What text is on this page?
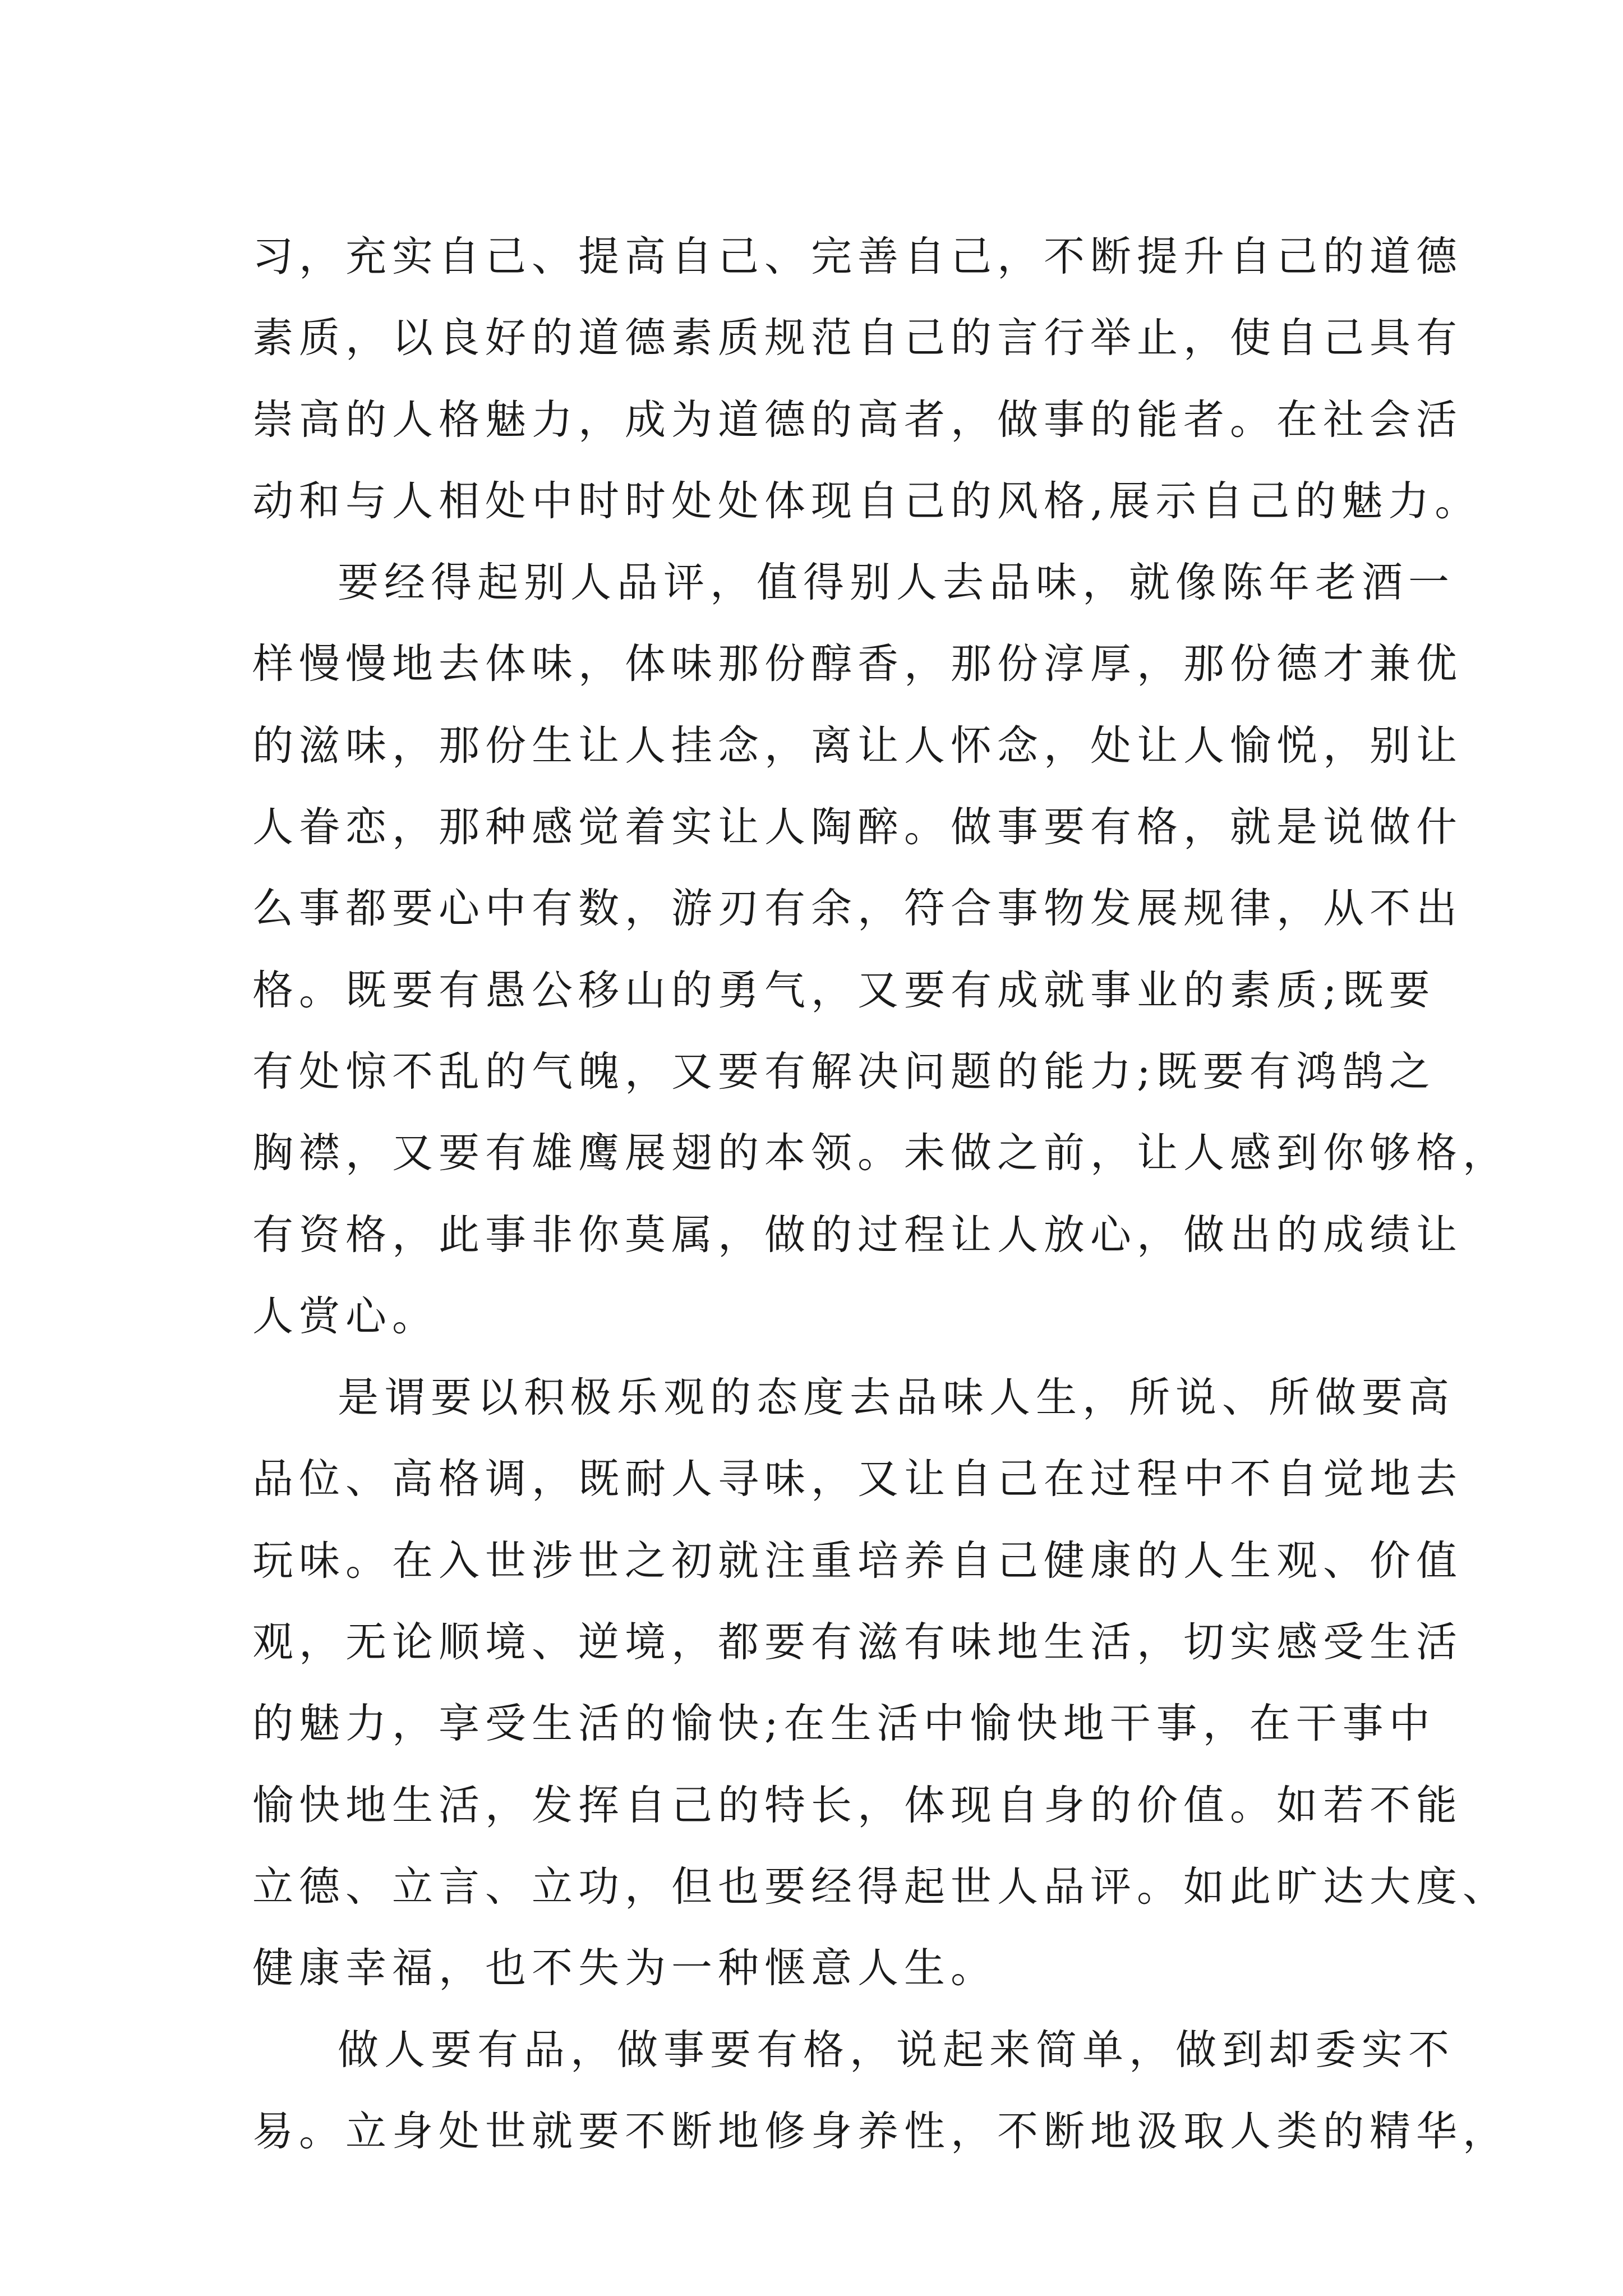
习，充实自己、提高自己、完善自己，不断提升自己的道德
素质，以良好的道德素质规范自己的言行举止，使自己具有
崇高的人格魅力，成为道德的高者，做事的能者。在社会活
动和与人相处中时时处处体现自己的风格,展示自己的魅力。

要经得起别人品评，值得别人去品味，就像陈年老酒一
样慢慢地去体味，体味那份醇香，那份淳厚，那份德才兼优
的滋味，那份生让人挂念，离让人怀念，处让人愉悦，别让
人眷恋，那种感觉着实让人陶醉。做事要有格，就是说做什
么事都要心中有数，游刃有余，符合事物发展规律，从不出
格。既要有愚公移山的勇气，又要有成就事业的素质;既要
有处惊不乱的气魄，又要有解决问题的能力;既要有鸿鹄之
胸襟，又要有雄鹰展翅的本领。未做之前，让人感到你够格，
有资格，此事非你莫属，做的过程让人放心，做出的成绩让
人赏心。

是谓要以积极乐观的态度去品味人生，所说、所做要高
品位、高格调，既耐人寻味，又让自己在过程中不自觉地去
玩味。在入世涉世之初就注重培养自己健康的人生观、价值
观，无论顺境、逆境，都要有滋有味地生活，切实感受生活
的魅力，享受生活的愉快;在生活中愉快地干事，在干事中
愉快地生活，发挥自己的特长，体现自身的价值。如若不能
立德、立言、立功，但也要经得起世人品评。如此旷达大度、
健康幸福，也不失为一种惬意人生。

做人要有品，做事要有格，说起来简单，做到却委实不
易。立身处世就要不断地修身养性，不断地汲取人类的精华，
